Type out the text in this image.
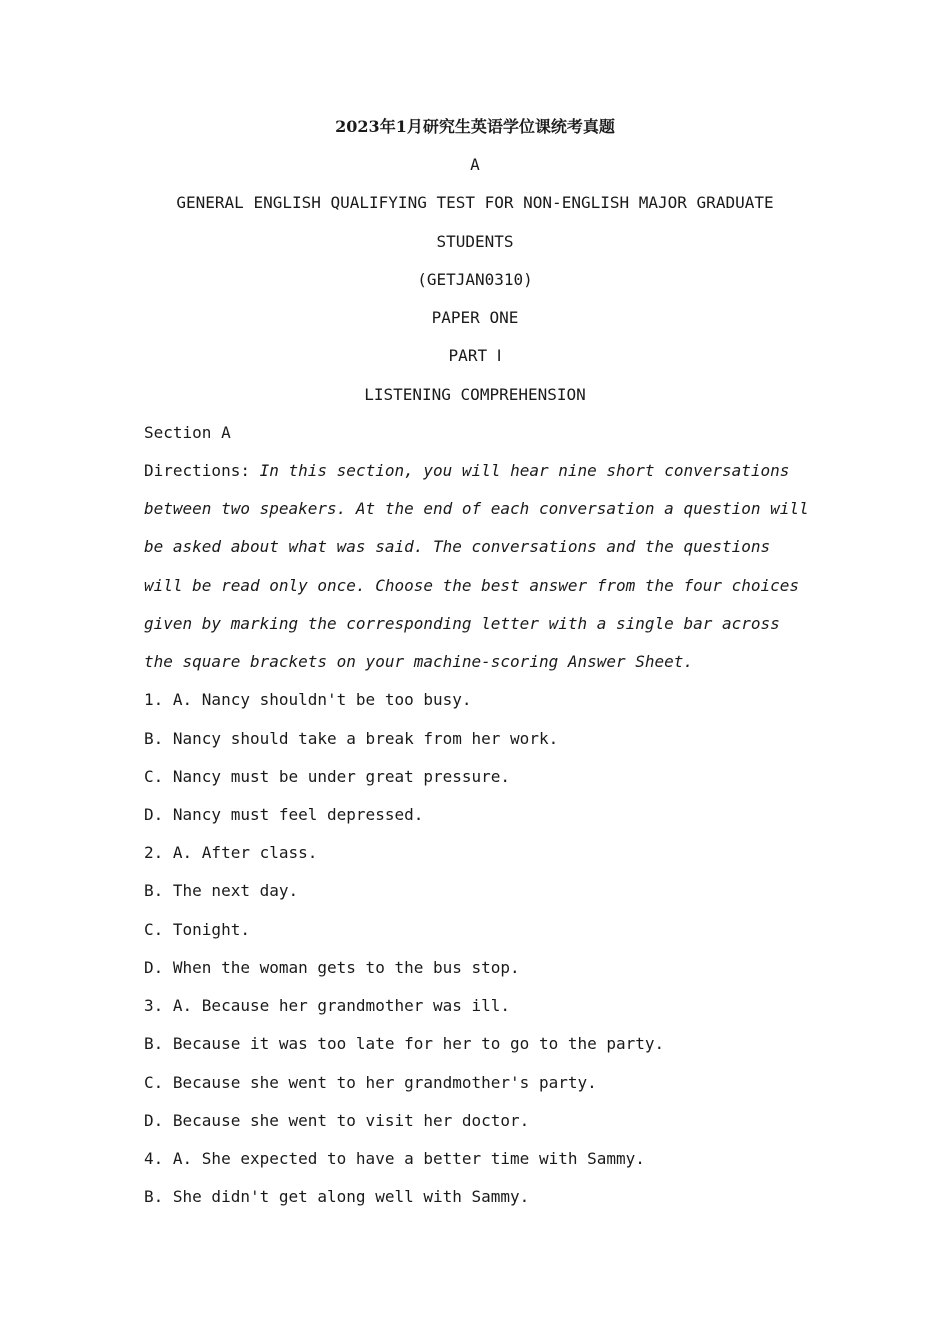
2023年1月研究生英语学位课统考真题
A
GENERAL ENGLISH QUALIFYING TEST FOR NON-ENGLISH MAJOR GRADUATE
STUDENTS
(GETJAN0310)
PAPER ONE
PART Ⅰ
LISTENING COMPREHENSION
Section A
Directions: In this section, you will hear nine short conversations
between two speakers. At the end of each conversation a question will
be asked about what was said. The conversations and the questions
will be read only once. Choose the best answer from the four choices
given by marking the corresponding letter with a single bar across
the square brackets on your machine-scoring Answer Sheet.
1. A. Nancy shouldn't be too busy.
B. Nancy should take a break from her work.
C. Nancy must be under great pressure.
D. Nancy must feel depressed.
2. A. After class.
B. The next day.
C. Tonight.
D. When the woman gets to the bus stop.
3. A. Because her grandmother was ill.
B. Because it was too late for her to go to the party.
C. Because she went to her grandmother's party.
D. Because she went to visit her doctor.
4. A. She expected to have a better time with Sammy.
B. She didn't get along well with Sammy.
